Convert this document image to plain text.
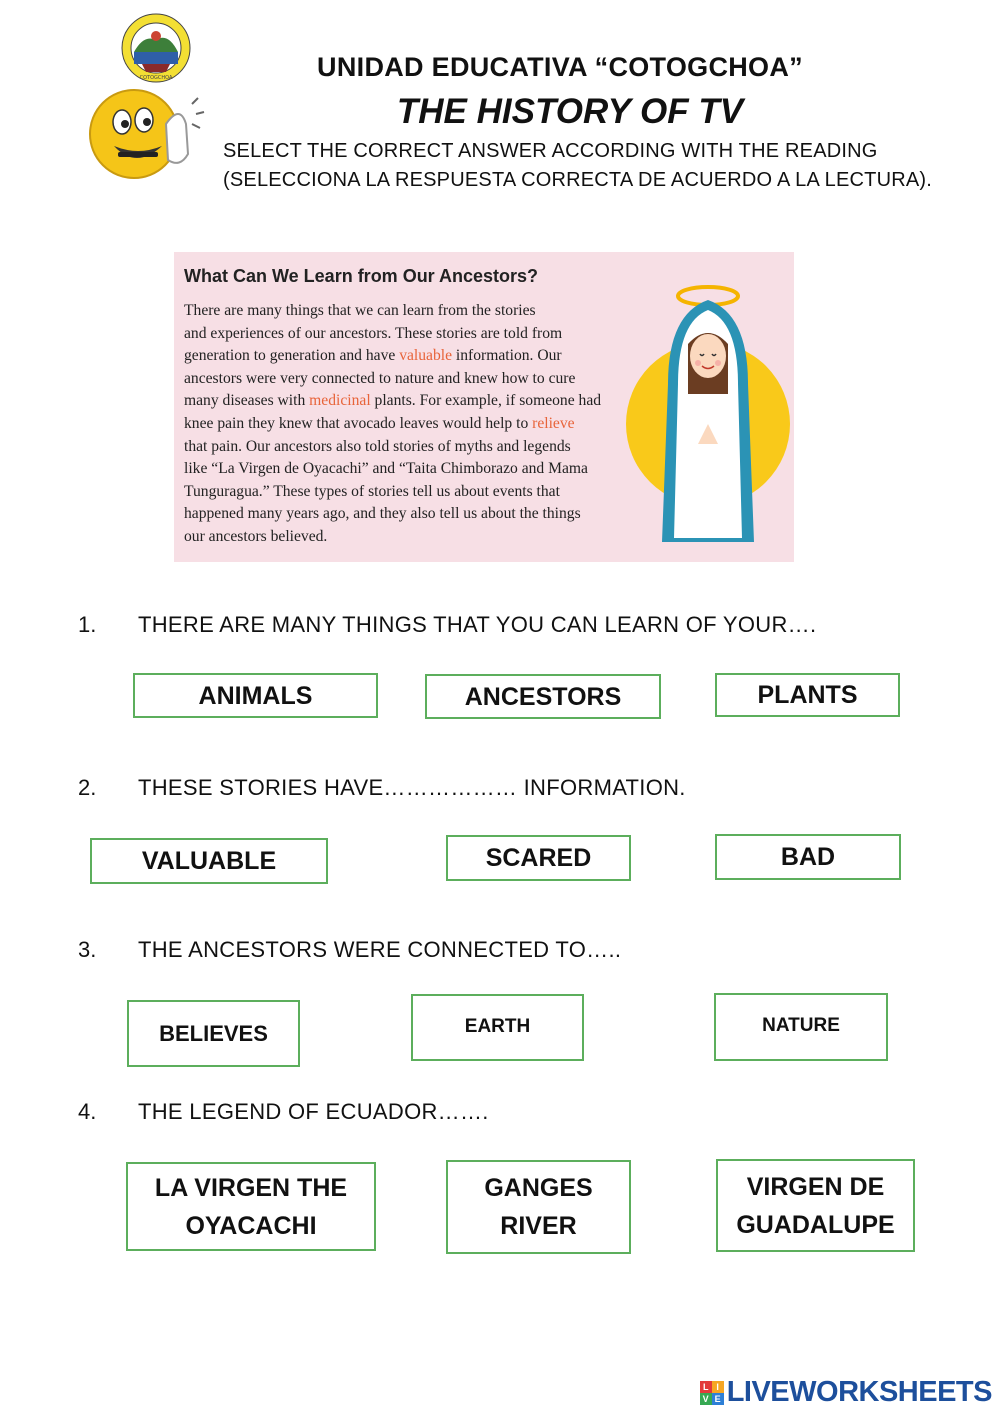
COTOGCHOA	UNIDAD EDUCATIVA “COTOGCHOA”
THE HISTORY OF TV
SELECT THE CORRECT ANSWER ACCORDING WITH THE READING
(SELECCIONA LA RESPUESTA CORRECTA DE ACUERDO A LA LECTURA).
What Can We Learn from Our Ancestors?
There are many things that we can learn from the stories
and experiences of our ancestors. These stories are told from
generation to generation and have valuable information. Our
ancestors were very connected to nature and knew how to cure
many diseases with medicinal plants. For example, if someone had
knee pain they knew that avocado leaves would help to relieve
that pain. Our ancestors also told stories of myths and legends
like “La Virgen de Oyacachi” and “Taita Chimborazo and Mama
Tunguragua.” These types of stories tell us about events that
happened many years ago, and they also tell us about the things
our ancestors believed.
1. THERE ARE MANY THINGS THAT YOU CAN LEARN OF YOUR….
ANIMALS	ANCESTORS	PLANTS
2. THESE STORIES HAVE……………… INFORMATION.
VALUABLE	SCARED	BAD
3. THE ANCESTORS WERE CONNECTED TO…..
BELIEVES	EARTH	NATURE
4. THE LEGEND OF ECUADOR…….
LA VIRGEN THE OYACACHI
GANGES RIVER
VIRGEN DE GUADALUPE
L I
V E LIVEWORKSHEETS
